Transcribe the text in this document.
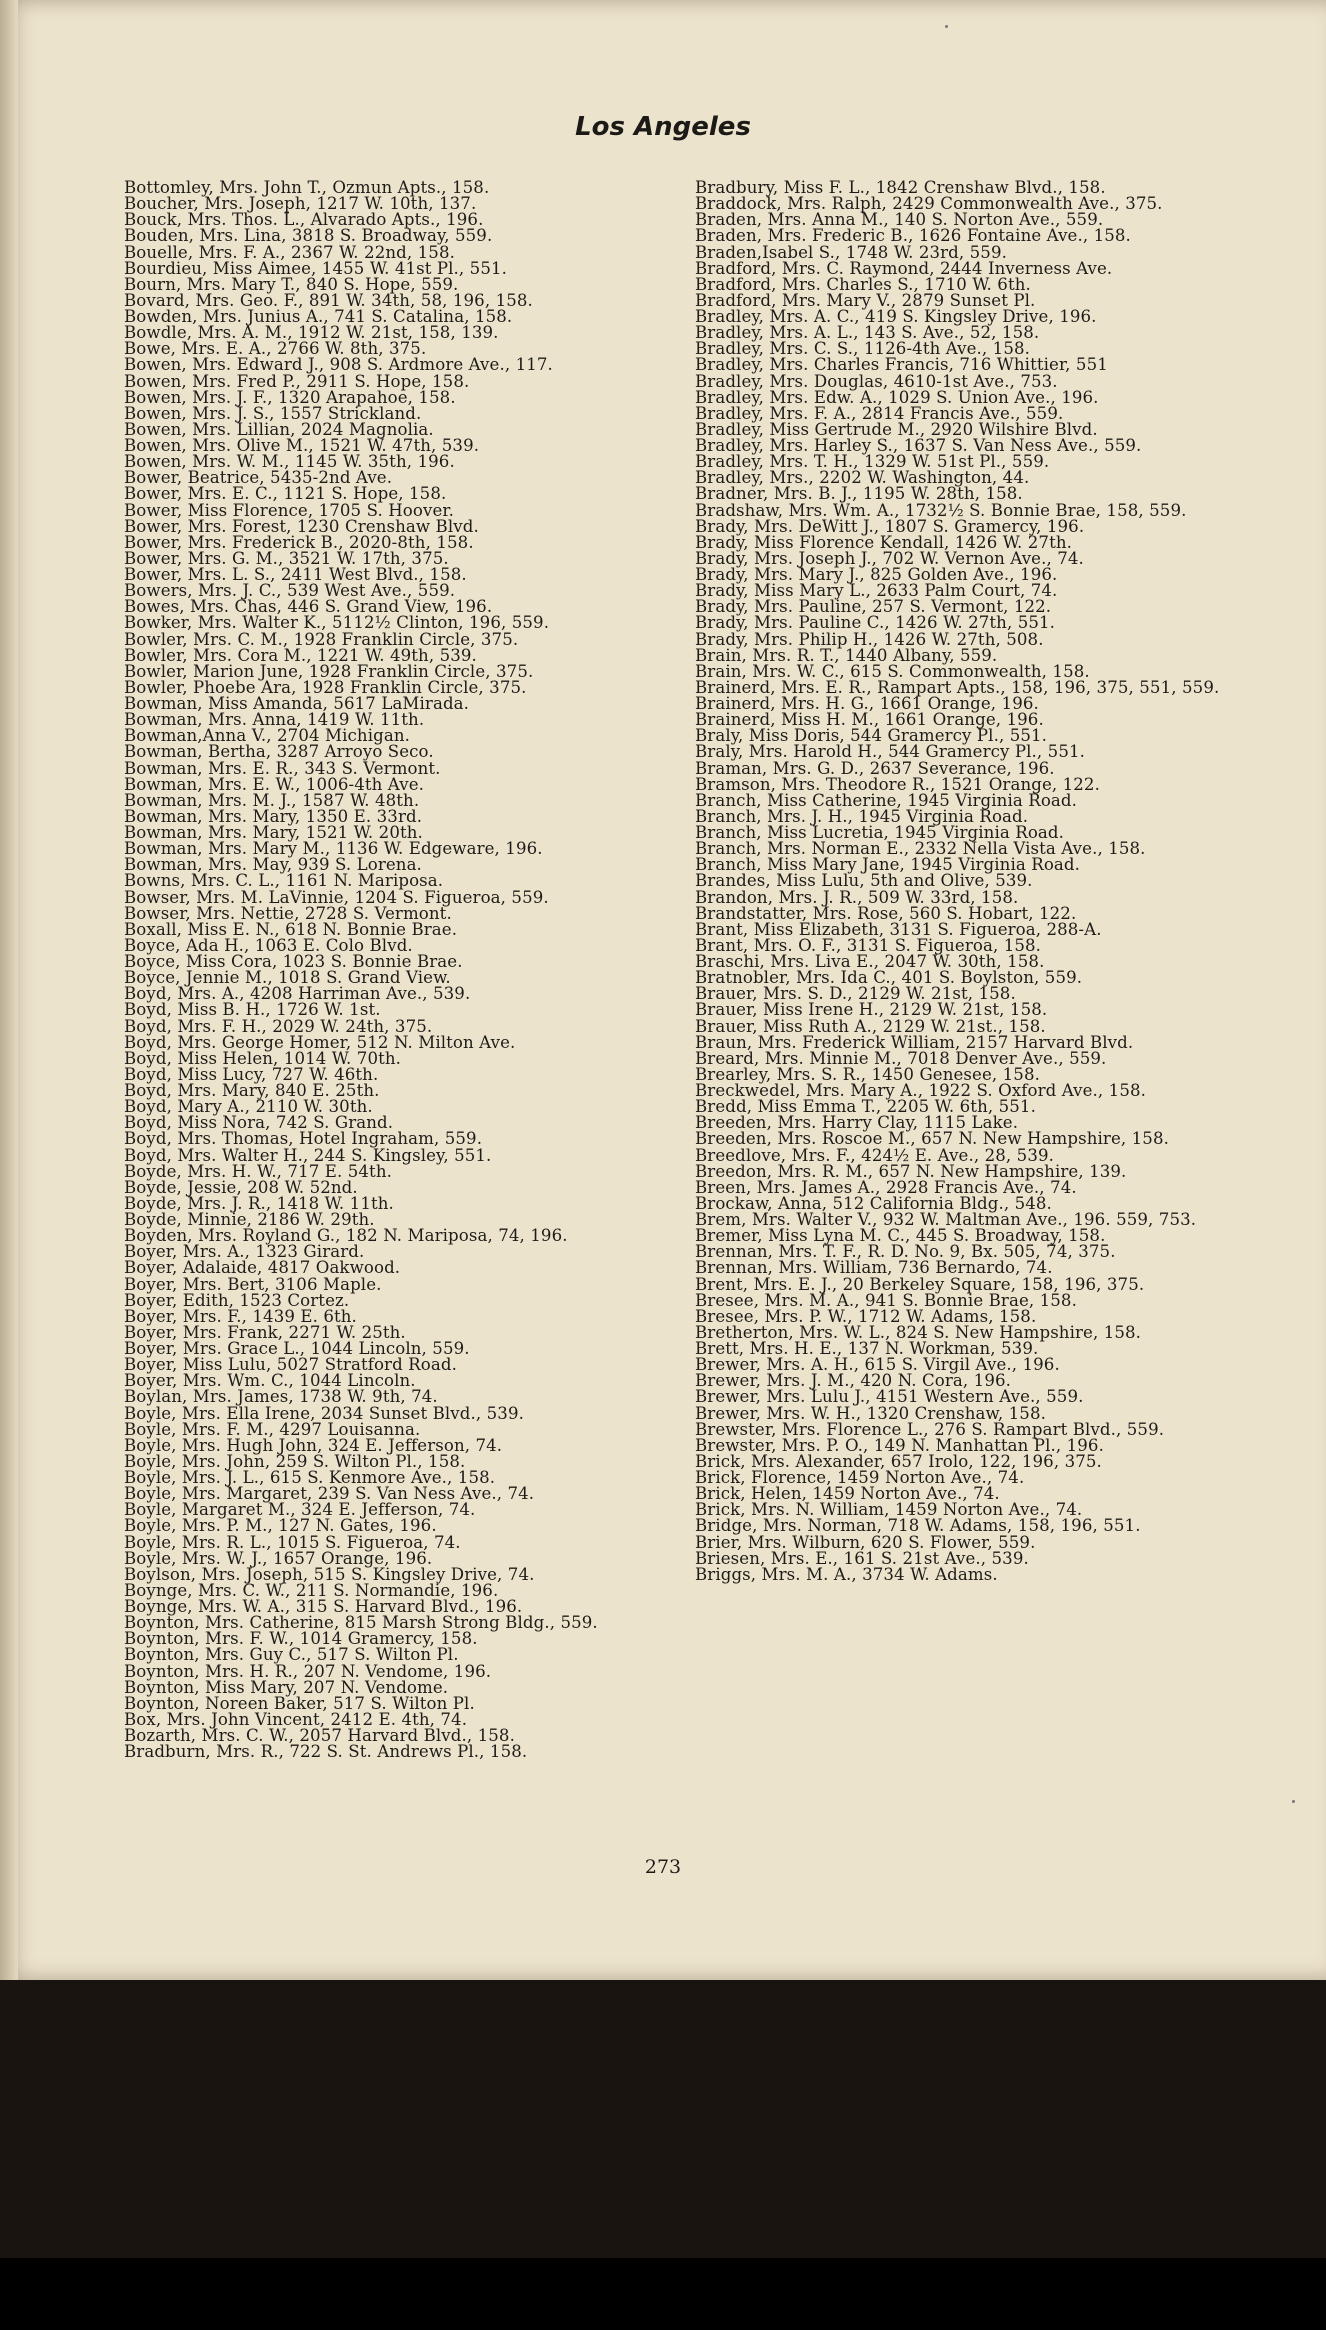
Los Angeles
Bottomley, Mrs. John T., Ozmun Apts., 158.
Boucher, Mrs. Joseph, 1217 W. 10th, 137.
Bouck, Mrs. Thos. L., Alvarado Apts., 196.
Bouden, Mrs. Lina, 3818 S. Broadway, 559.
Bouelle, Mrs. F. A., 2367 W. 22nd, 158.
Bourdieu, Miss Aimee, 1455 W. 41st Pl., 551.
Bourn, Mrs. Mary T., 840 S. Hope, 559.
Bovard, Mrs. Geo. F., 891 W. 34th, 58, 196, 158.
Bowden, Mrs. Junius A., 741 S. Catalina, 158.
Bowdle, Mrs. A. M., 1912 W. 21st, 158, 139.
Bowe, Mrs. E. A., 2766 W. 8th, 375.
Bowen, Mrs. Edward J., 908 S. Ardmore Ave., 117.
Bowen, Mrs. Fred P., 2911 S. Hope, 158.
Bowen, Mrs. J. F., 1320 Arapahoe, 158.
Bowen, Mrs. J. S., 1557 Strickland.
Bowen, Mrs. Lillian, 2024 Magnolia.
Bowen, Mrs. Olive M., 1521 W. 47th, 539.
Bowen, Mrs. W. M., 1145 W. 35th, 196.
Bower, Beatrice, 5435-2nd Ave.
Bower, Mrs. E. C., 1121 S. Hope, 158.
Bower, Miss Florence, 1705 S. Hoover.
Bower, Mrs. Forest, 1230 Crenshaw Blvd.
Bower, Mrs. Frederick B., 2020-8th, 158.
Bower, Mrs. G. M., 3521 W. 17th, 375.
Bower, Mrs. L. S., 2411 West Blvd., 158.
Bowers, Mrs. J. C., 539 West Ave., 559.
Bowes, Mrs. Chas, 446 S. Grand View, 196.
Bowker, Mrs. Walter K., 5112½ Clinton, 196, 559.
Bowler, Mrs. C. M., 1928 Franklin Circle, 375.
Bowler, Mrs. Cora M., 1221 W. 49th, 539.
Bowler, Marion June, 1928 Franklin Circle, 375.
Bowler, Phoebe Ara, 1928 Franklin Circle, 375.
Bowman, Miss Amanda, 5617 LaMirada.
Bowman, Mrs. Anna, 1419 W. 11th.
Bowman,Anna V., 2704 Michigan.
Bowman, Bertha, 3287 Arroyo Seco.
Bowman, Mrs. E. R., 343 S. Vermont.
Bowman, Mrs. E. W., 1006-4th Ave.
Bowman, Mrs. M. J., 1587 W. 48th.
Bowman, Mrs. Mary, 1350 E. 33rd.
Bowman, Mrs. Mary, 1521 W. 20th.
Bowman, Mrs. Mary M., 1136 W. Edgeware, 196.
Bowman, Mrs. May, 939 S. Lorena.
Bowns, Mrs. C. L., 1161 N. Mariposa.
Bowser, Mrs. M. LaVinnie, 1204 S. Figueroa, 559.
Bowser, Mrs. Nettie, 2728 S. Vermont.
Boxall, Miss E. N., 618 N. Bonnie Brae.
Boyce, Ada H., 1063 E. Colo Blvd.
Boyce, Miss Cora, 1023 S. Bonnie Brae.
Boyce, Jennie M., 1018 S. Grand View.
Boyd, Mrs. A., 4208 Harriman Ave., 539.
Boyd, Miss B. H., 1726 W. 1st.
Boyd, Mrs. F. H., 2029 W. 24th, 375.
Boyd, Mrs. George Homer, 512 N. Milton Ave.
Boyd, Miss Helen, 1014 W. 70th.
Boyd, Miss Lucy, 727 W. 46th.
Boyd, Mrs. Mary, 840 E. 25th.
Boyd, Mary A., 2110 W. 30th.
Boyd, Miss Nora, 742 S. Grand.
Boyd, Mrs. Thomas, Hotel Ingraham, 559.
Boyd, Mrs. Walter H., 244 S. Kingsley, 551.
Boyde, Mrs. H. W., 717 E. 54th.
Boyde, Jessie, 208 W. 52nd.
Boyde, Mrs. J. R., 1418 W. 11th.
Boyde, Minnie, 2186 W. 29th.
Boyden, Mrs. Royland G., 182 N. Mariposa, 74, 196.
Boyer, Mrs. A., 1323 Girard.
Boyer, Adalaide, 4817 Oakwood.
Boyer, Mrs. Bert, 3106 Maple.
Boyer, Edith, 1523 Cortez.
Boyer, Mrs. F., 1439 E. 6th.
Boyer, Mrs. Frank, 2271 W. 25th.
Boyer, Mrs. Grace L., 1044 Lincoln, 559.
Boyer, Miss Lulu, 5027 Stratford Road.
Boyer, Mrs. Wm. C., 1044 Lincoln.
Boylan, Mrs. James, 1738 W. 9th, 74.
Boyle, Mrs. Ella Irene, 2034 Sunset Blvd., 539.
Boyle, Mrs. F. M., 4297 Louisanna.
Boyle, Mrs. Hugh John, 324 E. Jefferson, 74.
Boyle, Mrs. John, 259 S. Wilton Pl., 158.
Boyle, Mrs. J. L., 615 S. Kenmore Ave., 158.
Boyle, Mrs. Margaret, 239 S. Van Ness Ave., 74.
Boyle, Margaret M., 324 E. Jefferson, 74.
Boyle, Mrs. P. M., 127 N. Gates, 196.
Boyle, Mrs. R. L., 1015 S. Figueroa, 74.
Boyle, Mrs. W. J., 1657 Orange, 196.
Boylson, Mrs. Joseph, 515 S. Kingsley Drive, 74.
Boynge, Mrs. C. W., 211 S. Normandie, 196.
Boynge, Mrs. W. A., 315 S. Harvard Blvd., 196.
Boynton, Mrs. Catherine, 815 Marsh Strong Bldg., 559.
Boynton, Mrs. F. W., 1014 Gramercy, 158.
Boynton, Mrs. Guy C., 517 S. Wilton Pl.
Boynton, Mrs. H. R., 207 N. Vendome, 196.
Boynton, Miss Mary, 207 N. Vendome.
Boynton, Noreen Baker, 517 S. Wilton Pl.
Box, Mrs. John Vincent, 2412 E. 4th, 74.
Bozarth, Mrs. C. W., 2057 Harvard Blvd., 158.
Bradburn, Mrs. R., 722 S. St. Andrews Pl., 158.
Bradbury, Miss F. L., 1842 Crenshaw Blvd., 158.
Braddock, Mrs. Ralph, 2429 Commonwealth Ave., 375.
Braden, Mrs. Anna M., 140 S. Norton Ave., 559.
Braden, Mrs. Frederic B., 1626 Fontaine Ave., 158.
Braden,Isabel S., 1748 W. 23rd, 559.
Bradford, Mrs. C. Raymond, 2444 Inverness Ave.
Bradford, Mrs. Charles S., 1710 W. 6th.
Bradford, Mrs. Mary V., 2879 Sunset Pl.
Bradley, Mrs. A. C., 419 S. Kingsley Drive, 196.
Bradley, Mrs. A. L., 143 S. Ave., 52, 158.
Bradley, Mrs. C. S., 1126-4th Ave., 158.
Bradley, Mrs. Charles Francis, 716 Whittier, 551
Bradley, Mrs. Douglas, 4610-1st Ave., 753.
Bradley, Mrs. Edw. A., 1029 S. Union Ave., 196.
Bradley, Mrs. F. A., 2814 Francis Ave., 559.
Bradley, Miss Gertrude M., 2920 Wilshire Blvd.
Bradley, Mrs. Harley S., 1637 S. Van Ness Ave., 559.
Bradley, Mrs. T. H., 1329 W. 51st Pl., 559.
Bradley, Mrs., 2202 W. Washington, 44.
Bradner, Mrs. B. J., 1195 W. 28th, 158.
Bradshaw, Mrs. Wm. A., 1732½ S. Bonnie Brae, 158, 559.
Brady, Mrs. DeWitt J., 1807 S. Gramercy, 196.
Brady, Miss Florence Kendall, 1426 W. 27th.
Brady, Mrs. Joseph J., 702 W. Vernon Ave., 74.
Brady, Mrs. Mary J., 825 Golden Ave., 196.
Brady, Miss Mary L., 2633 Palm Court, 74.
Brady, Mrs. Pauline, 257 S. Vermont, 122.
Brady, Mrs. Pauline C., 1426 W. 27th, 551.
Brady, Mrs. Philip H., 1426 W. 27th, 508.
Brain, Mrs. R. T., 1440 Albany, 559.
Brain, Mrs. W. C., 615 S. Commonwealth, 158.
Brainerd, Mrs. E. R., Rampart Apts., 158, 196, 375, 551, 559.
Brainerd, Mrs. H. G., 1661 Orange, 196.
Brainerd, Miss H. M., 1661 Orange, 196.
Braly, Miss Doris, 544 Gramercy Pl., 551.
Braly, Mrs. Harold H., 544 Gramercy Pl., 551.
Braman, Mrs. G. D., 2637 Severance, 196.
Bramson, Mrs. Theodore R., 1521 Orange, 122.
Branch, Miss Catherine, 1945 Virginia Road.
Branch, Mrs. J. H., 1945 Virginia Road.
Branch, Miss Lucretia, 1945 Virginia Road.
Branch, Mrs. Norman E., 2332 Nella Vista Ave., 158.
Branch, Miss Mary Jane, 1945 Virginia Road.
Brandes, Miss Lulu, 5th and Olive, 539.
Brandon, Mrs. J. R., 509 W. 33rd, 158.
Brandstatter, Mrs. Rose, 560 S. Hobart, 122.
Brant, Miss Elizabeth, 3131 S. Figueroa, 288-A.
Brant, Mrs. O. F., 3131 S. Figueroa, 158.
Braschi, Mrs. Liva E., 2047 W. 30th, 158.
Bratnobler, Mrs. Ida C., 401 S. Boylston, 559.
Brauer, Mrs. S. D., 2129 W. 21st, 158.
Brauer, Miss Irene H., 2129 W. 21st, 158.
Brauer, Miss Ruth A., 2129 W. 21st., 158.
Braun, Mrs. Frederick William, 2157 Harvard Blvd.
Breard, Mrs. Minnie M., 7018 Denver Ave., 559.
Brearley, Mrs. S. R., 1450 Genesee, 158.
Breckwedel, Mrs. Mary A., 1922 S. Oxford Ave., 158.
Bredd, Miss Emma T., 2205 W. 6th, 551.
Breeden, Mrs. Harry Clay, 1115 Lake.
Breeden, Mrs. Roscoe M., 657 N. New Hampshire, 158.
Breedlove, Mrs. F., 424½ E. Ave., 28, 539.
Breedon, Mrs. R. M., 657 N. New Hampshire, 139.
Breen, Mrs. James A., 2928 Francis Ave., 74.
Brockaw, Anna, 512 California Bldg., 548.
Brem, Mrs. Walter V., 932 W. Maltman Ave., 196. 559, 753.
Bremer, Miss Lyna M. C., 445 S. Broadway, 158.
Brennan, Mrs. T. F., R. D. No. 9, Bx. 505, 74, 375.
Brennan, Mrs. William, 736 Bernardo, 74.
Brent, Mrs. E. J., 20 Berkeley Square, 158, 196, 375.
Bresee, Mrs. M. A., 941 S. Bonnie Brae, 158.
Bresee, Mrs. P. W., 1712 W. Adams, 158.
Bretherton, Mrs. W. L., 824 S. New Hampshire, 158.
Brett, Mrs. H. E., 137 N. Workman, 539.
Brewer, Mrs. A. H., 615 S. Virgil Ave., 196.
Brewer, Mrs. J. M., 420 N. Cora, 196.
Brewer, Mrs. Lulu J., 4151 Western Ave., 559.
Brewer, Mrs. W. H., 1320 Crenshaw, 158.
Brewster, Mrs. Florence L., 276 S. Rampart Blvd., 559.
Brewster, Mrs. P. O., 149 N. Manhattan Pl., 196.
Brick, Mrs. Alexander, 657 Irolo, 122, 196, 375.
Brick, Florence, 1459 Norton Ave., 74.
Brick, Helen, 1459 Norton Ave., 74.
Brick, Mrs. N. William, 1459 Norton Ave., 74.
Bridge, Mrs. Norman, 718 W. Adams, 158, 196, 551.
Brier, Mrs. Wilburn, 620 S. Flower, 559.
Briesen, Mrs. E., 161 S. 21st Ave., 539.
Briggs, Mrs. M. A., 3734 W. Adams.
273
